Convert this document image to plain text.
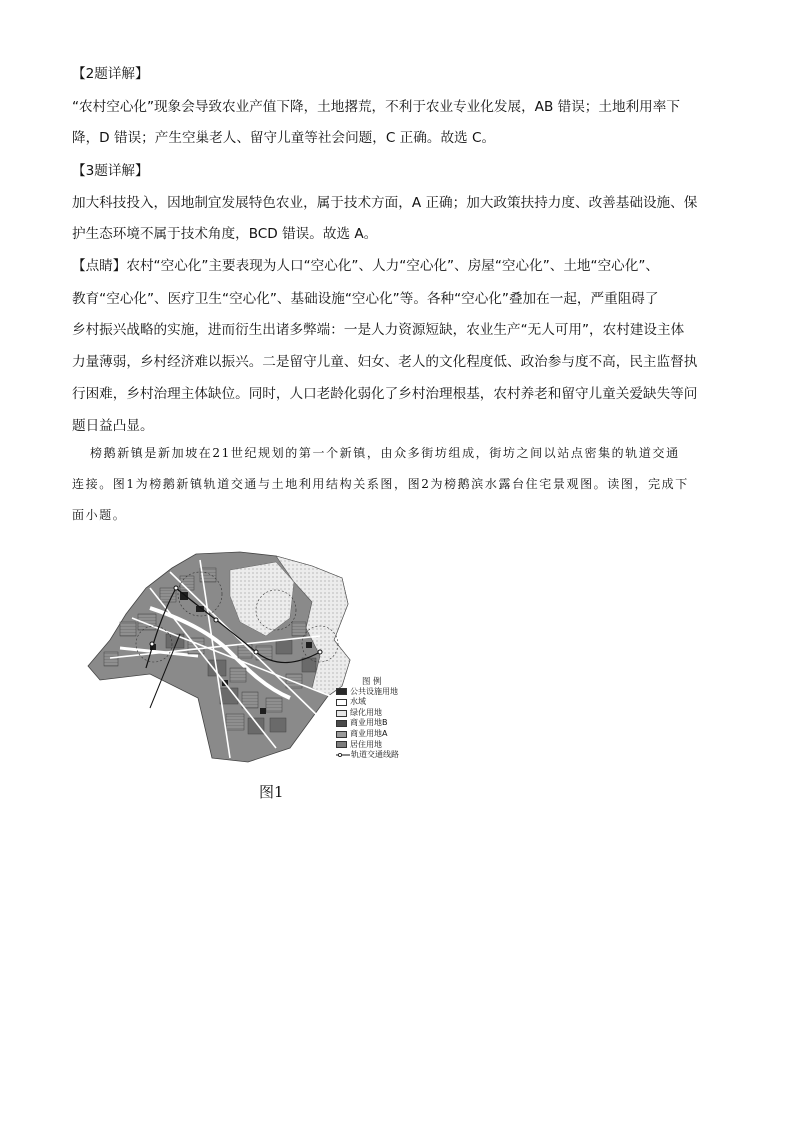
【2题详解】
“农村空心化”现象会导致农业产值下降，土地撂荒，不利于农业专业化发展，AB 错误；土地利用率下
降，D 错误；产生空巢老人、留守儿童等社会问题，C 正确。故选 C。
【3题详解】
加大科技投入，因地制宜发展特色农业，属于技术方面，A 正确；加大政策扶持力度、改善基础设施、保
护生态环境不属于技术角度，BCD 错误。故选 A。
【点睛】农村“空心化”主要表现为人口“空心化”、人力“空心化”、房屋“空心化”、土地“空心化”、
教育“空心化”、医疗卫生“空心化”、基础设施“空心化”等。各种“空心化”叠加在一起，严重阻碍了
乡村振兴战略的实施，进而衍生出诸多弊端：一是人力资源短缺，农业生产“无人可用”，农村建设主体
力量薄弱，乡村经济难以振兴。二是留守儿童、妇女、老人的文化程度低、政治参与度不高，民主监督执
行困难，乡村治理主体缺位。同时，人口老龄化弱化了乡村治理根基，农村养老和留守儿童关爱缺失等问
题日益凸显。
榜鹅新镇是新加坡在21世纪规划的第一个新镇，由众多街坊组成，街坊之间以站点密集的轨道交通
连接。图1为榜鹅新镇轨道交通与土地利用结构关系图，图2为榜鹅滨水露台住宅景观图。读图，完成下
面小题。
图 例
公共设施用地
水域
绿化用地
商业用地B
商业用地A
居住用地
轨道交通线路
图1
